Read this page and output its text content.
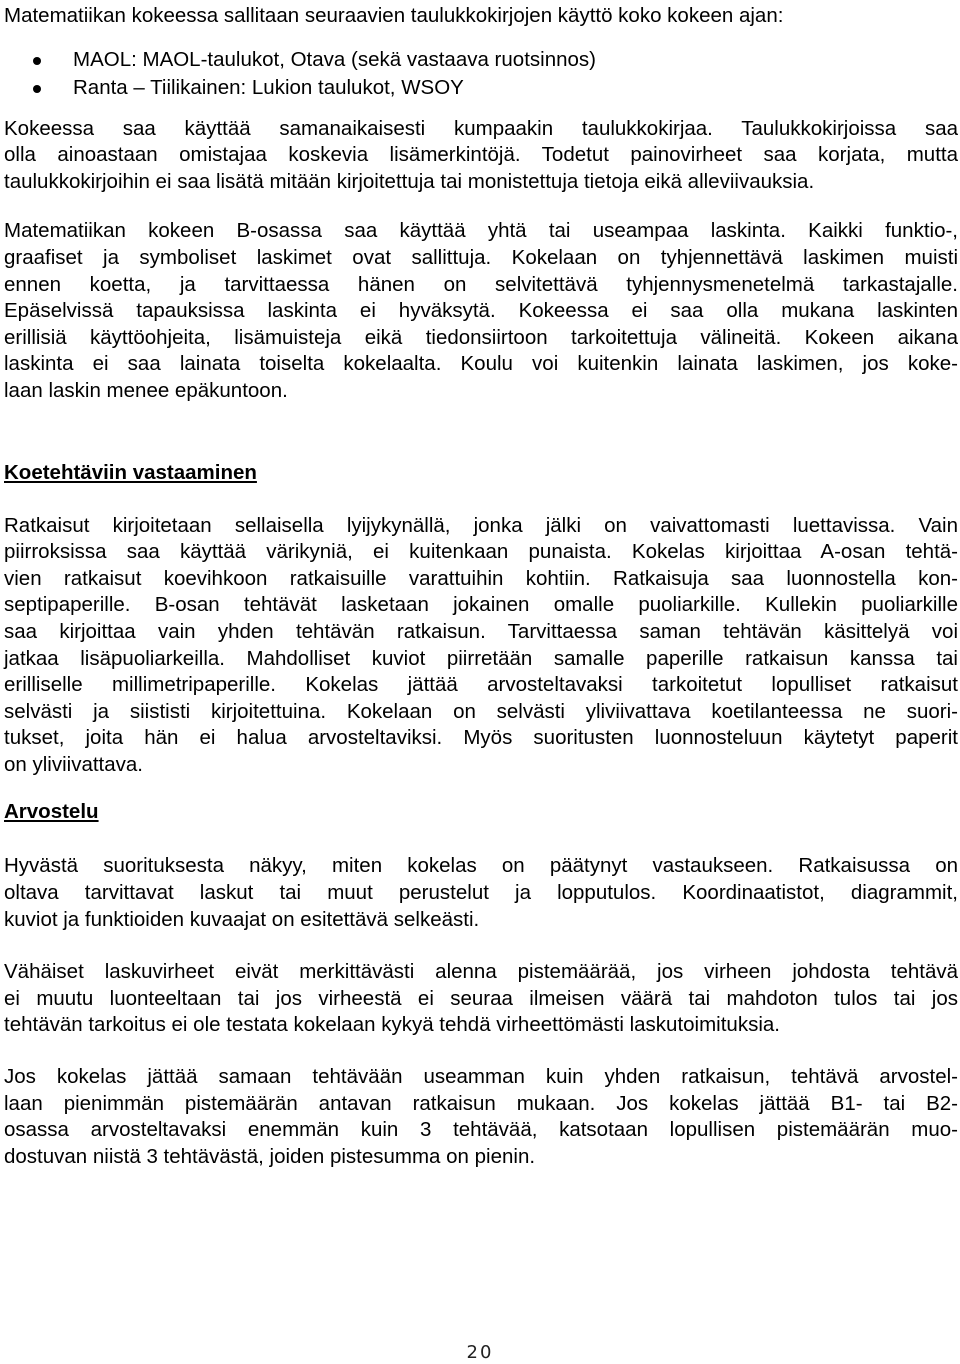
Matematiikan kokeessa sallitaan seuraavien taulukkokirjojen käyttö koko kokeen ajan:

MAOL: MAOL-taulukot, Otava (sekä vastaava ruotsinnos)
Ranta – Tiilikainen: Lukion taulukot, WSOY

Kokeessa saa käyttää samanaikaisesti kumpaakin taulukkokirjaa. Taulukkokirjoissa saa

olla ainoastaan omistajaa koskevia lisämerkintöjä. Todetut painovirheet saa korjata, mutta

taulukkokirjoihin ei saa lisätä mitään kirjoitettuja tai monistettuja tietoja eikä alleviivauksia.

Matematiikan kokeen B-osassa saa käyttää yhtä tai useampaa laskinta. Kaikki funktio-,

graafiset ja symboliset laskimet ovat sallittuja. Kokelaan on tyhjennettävä laskimen muisti

ennen koetta, ja tarvittaessa hänen on selvitettävä tyhjennysmenetelmä tarkastajalle.

Epäselvissä tapauksissa laskinta ei hyväksytä. Kokeessa ei saa olla mukana laskinten

erillisiä käyttöohjeita, lisämuisteja eikä tiedonsiirtoon tarkoitettuja välineitä. Kokeen aikana

laskinta ei saa lainata toiselta kokelaalta. Koulu voi kuitenkin lainata laskimen, jos koke-

laan laskin menee epäkuntoon.

Koetehtäviin vastaaminen

Ratkaisut kirjoitetaan sellaisella lyijykynällä, jonka jälki on vaivattomasti luettavissa. Vain

piirroksissa saa käyttää värikyniä, ei kuitenkaan punaista. Kokelas kirjoittaa A-osan tehtä-

vien ratkaisut koevihkoon ratkaisuille varattuihin kohtiin. Ratkaisuja saa luonnostella kon-

septipaperille. B-osan tehtävät lasketaan jokainen omalle puoliarkille. Kullekin puoliarkille

saa kirjoittaa vain yhden tehtävän ratkaisun. Tarvittaessa saman tehtävän käsittelyä voi

jatkaa lisäpuoliarkeilla. Mahdolliset kuviot piirretään samalle paperille ratkaisun kanssa tai

erilliselle millimetripaperille. Kokelas jättää arvosteltavaksi tarkoitetut lopulliset ratkaisut

selvästi ja siististi kirjoitettuina. Kokelaan on selvästi yliviivattava koetilanteessa ne suori-

tukset, joita hän ei halua arvosteltaviksi. Myös suoritusten luonnosteluun käytetyt paperit

on yliviivattava.

Arvostelu

Hyvästä suorituksesta näkyy, miten kokelas on päätynyt vastaukseen. Ratkaisussa on

oltava tarvittavat laskut tai muut perustelut ja lopputulos. Koordinaatistot, diagrammit,

kuviot ja funktioiden kuvaajat on esitettävä selkeästi.

Vähäiset laskuvirheet eivät merkittävästi alenna pistemäärää, jos virheen johdosta tehtävä

ei muutu luonteeltaan tai jos virheestä ei seuraa ilmeisen väärä tai mahdoton tulos tai jos

tehtävän tarkoitus ei ole testata kokelaan kykyä tehdä virheettömästi laskutoimituksia.

Jos kokelas jättää samaan tehtävään useamman kuin yhden ratkaisun, tehtävä arvostel-

laan pienimmän pistemäärän antavan ratkaisun mukaan. Jos kokelas jättää B1- tai B2-

osassa arvosteltavaksi enemmän kuin 3 tehtävää, katsotaan lopullisen pistemäärän muo-

dostuvan niistä 3 tehtävästä, joiden pistesumma on pienin.

20
